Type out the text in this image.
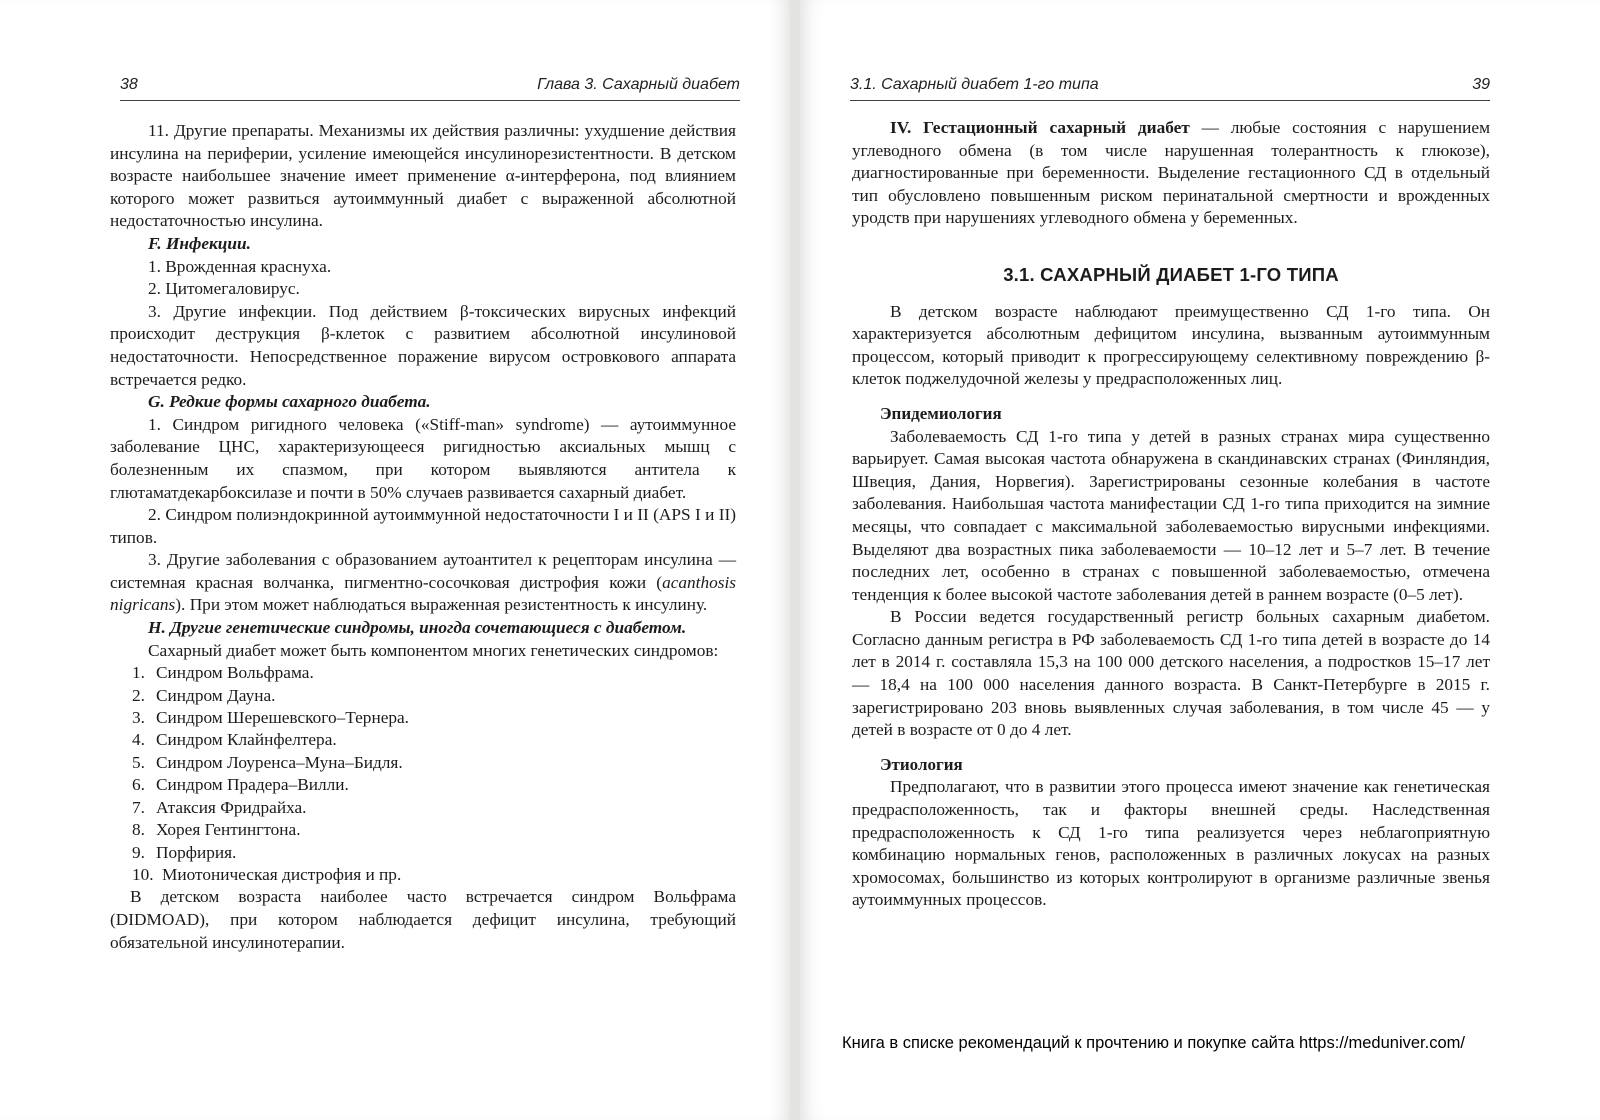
38	Глава 3. Сахарный диабет

11. Другие препараты. Механизмы их действия различны: ухудшение действия инсулина на периферии, усиление имеющейся инсулинорезистентности. В детском возрасте наибольшее значение имеет применение α-интерферона, под влиянием которого может развиться аутоиммунный диабет с выраженной абсолютной недостаточностью инсулина.

F. Инфекции.

1. Врожденная краснуха.
2. Цитомегаловирус.
3. Другие инфекции. Под действием β-токсических вирусных инфекций происходит деструкция β-клеток с развитием абсолютной инсулиновой недостаточности. Непосредственное поражение вирусом островкового аппарата встречается редко.

G. Редкие формы сахарного диабета.

1. Синдром ригидного человека («Stiff-man» syndrome) — аутоиммунное заболевание ЦНС, характеризующееся ригидностью аксиальных мышц с болезненным их спазмом, при котором выявляются антитела к глютаматдекарбоксилазе и почти в 50% случаев развивается сахарный диабет.

2. Синдром полиэндокринной аутоиммунной недостаточности I и II (APS I и II) типов.

3. Другие заболевания с образованием аутоантител к рецепторам инсулина — системная красная волчанка, пигментно-сосочковая дистрофия кожи (acanthosis nigricans). При этом может наблюдаться выраженная резистентность к инсулину.

H. Другие генетические синдромы, иногда сочетающиеся с диабетом.

Сахарный диабет может быть компонентом многих генетических синдромов:

1. Синдром Вольфрама.
2. Синдром Дауна.
3. Синдром Шерешевского–Тернера.
4. Синдром Клайнфелтера.
5. Синдром Лоуренса–Муна–Бидля.
6. Синдром Прадера–Вилли.
7. Атаксия Фридрайха.
8. Хорея Гентингтона.
9. Порфирия.
10. Миотоническая дистрофия и пр.

В детском возраста наиболее часто встречается синдром Вольфрама (DIDMOAD), при котором наблюдается дефицит инсулина, требующий обязательной инсулинотерапии.

3.1. Сахарный диабет 1-го типа	39

IV. Гестационный сахарный диабет — любые состояния с нарушением углеводного обмена (в том числе нарушенная толерантность к глюкозе), диагностированные при беременности. Выделение гестационного СД в отдельный тип обусловлено повышенным риском перинатальной смертности и врожденных уродств при нарушениях углеводного обмена у беременных.

3.1. САХАРНЫЙ ДИАБЕТ 1-ГО ТИПА

В детском возрасте наблюдают преимущественно СД 1-го типа. Он характеризуется абсолютным дефицитом инсулина, вызванным аутоиммунным процессом, который приводит к прогрессирующему селективному повреждению β-клеток поджелудочной железы у предрасположенных лиц.

Эпидемиология

Заболеваемость СД 1-го типа у детей в разных странах мира существенно варьирует. Самая высокая частота обнаружена в скандинавских странах (Финляндия, Швеция, Дания, Норвегия). Зарегистрированы сезонные колебания в частоте заболевания. Наибольшая частота манифестации СД 1-го типа приходится на зимние месяцы, что совпадает с максимальной заболеваемостью вирусными инфекциями. Выделяют два возрастных пика заболеваемости — 10–12 лет и 5–7 лет. В течение последних лет, особенно в странах с повышенной заболеваемостью, отмечена тенденция к более высокой частоте заболевания детей в раннем возрасте (0–5 лет).

В России ведется государственный регистр больных сахарным диабетом. Согласно данным регистра в РФ заболеваемость СД 1-го типа детей в возрасте до 14 лет в 2014 г. составляла 15,3 на 100 000 детского населения, а подростков 15–17 лет — 18,4 на 100 000 населения данного возраста. В Санкт-Петербурге в 2015 г. зарегистрировано 203 вновь выявленных случая заболевания, в том числе 45 — у детей в возрасте от 0 до 4 лет.

Этиология

Предполагают, что в развитии этого процесса имеют значение как генетическая предрасположенность, так и факторы внешней среды. Наследственная предрасположенность к СД 1-го типа реализуется через неблагоприятную комбинацию нормальных генов, расположенных в различных локусах на разных хромосомах, большинство из которых контролируют в организме различные звенья аутоиммунных процессов.

Книга в списке рекомендаций к прочтению и покупке сайта https://meduniver.com/
